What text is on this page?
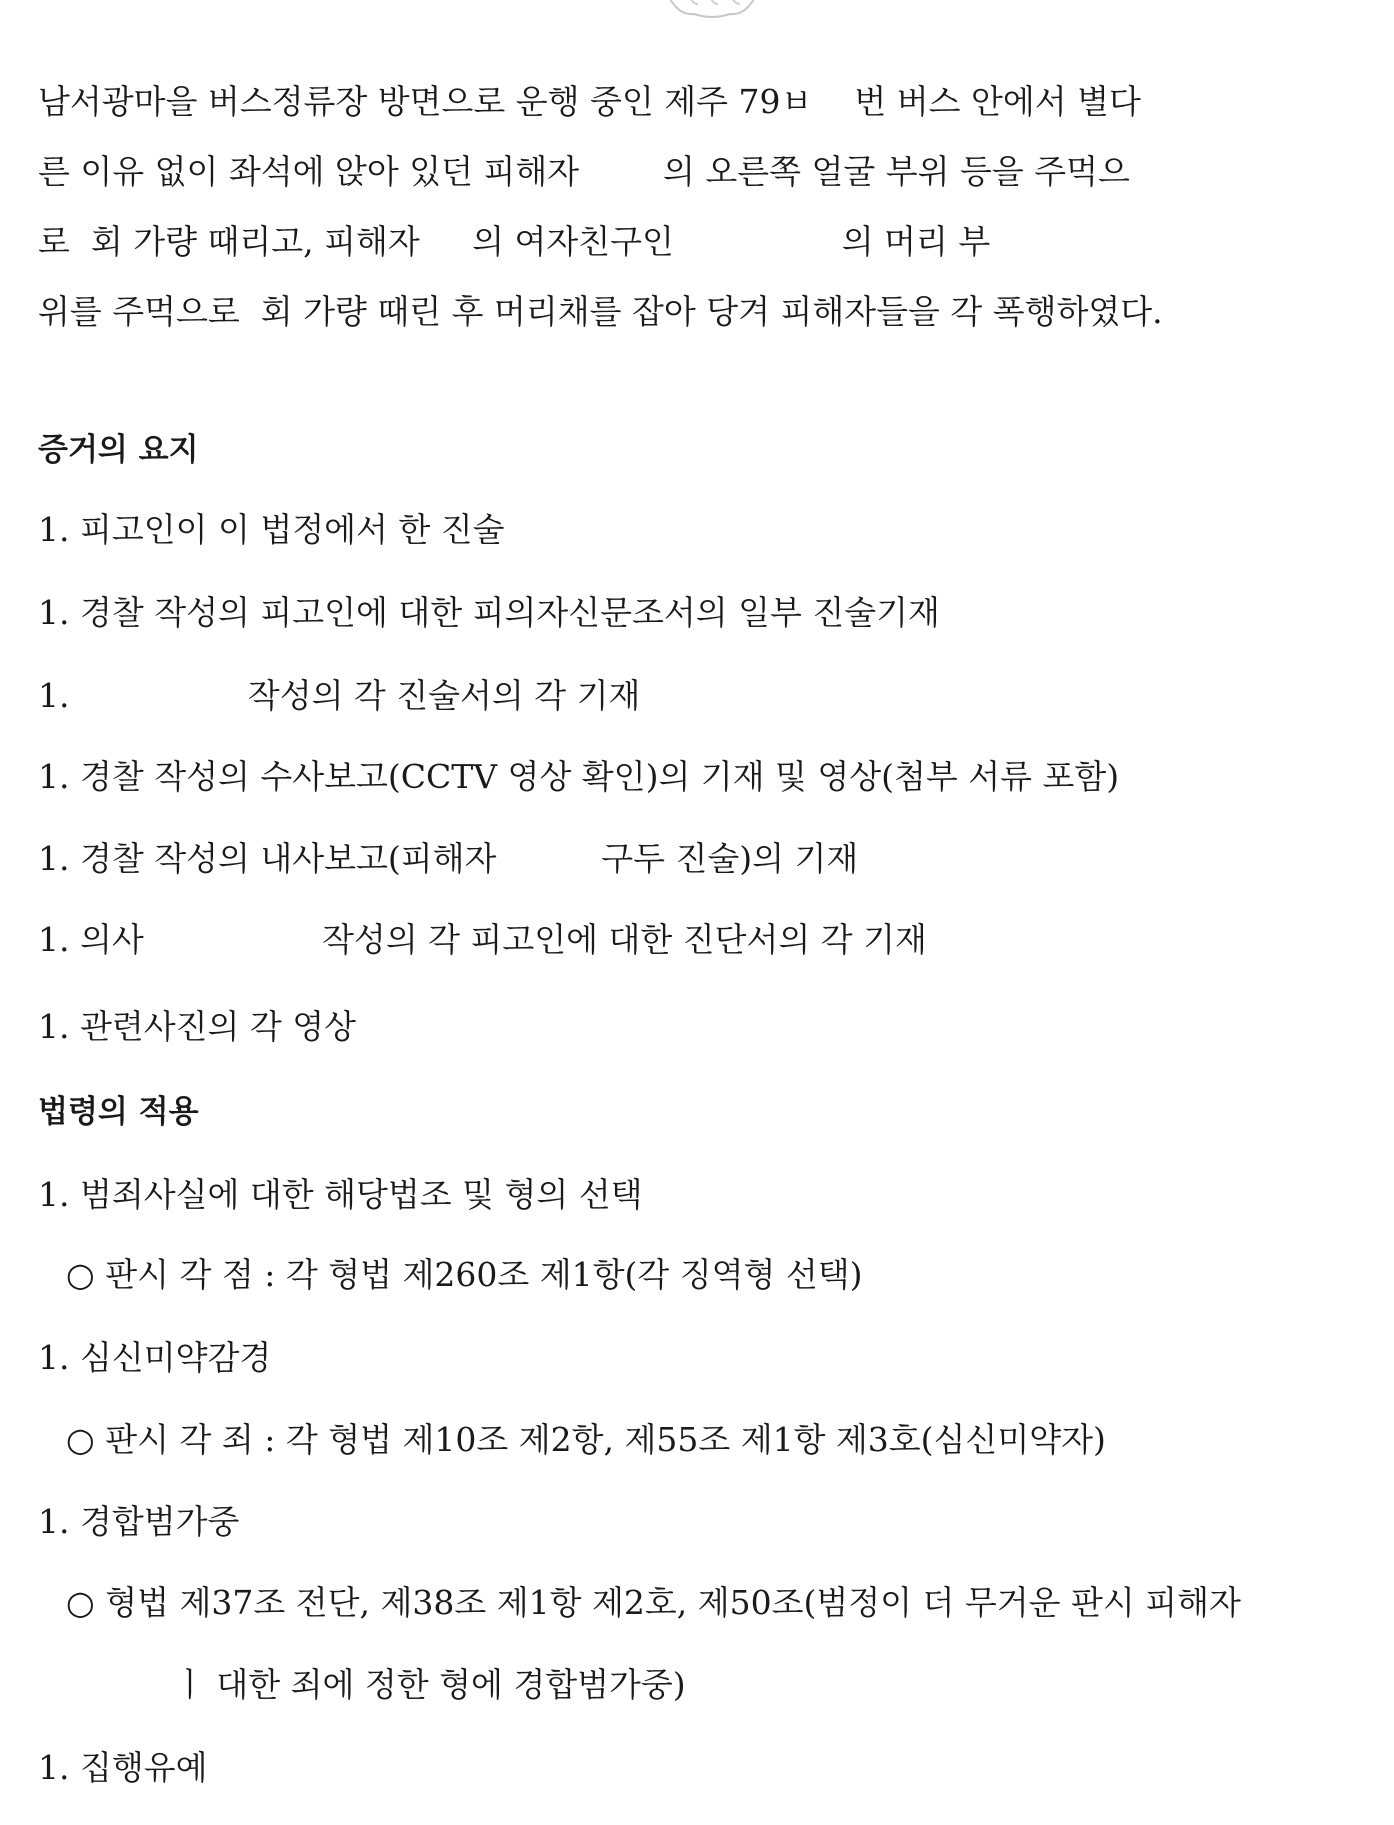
남서광마을 버스정류장 방면으로 운행 중인 제주 79ㅂ    번 버스 안에서 별다
른 이유 없이 좌석에 앉아 있던 피해자        의 오른쪽 얼굴 부위 등을 주먹으
로  회 가량 때리고, 피해자     의 여자친구인                의 머리 부
위를 주먹으로  회 가량 때린 후 머리채를 잡아 당겨 피해자들을 각 폭행하였다.
증거의 요지
1. 피고인이 이 법정에서 한 진술
1. 경찰 작성의 피고인에 대한 피의자신문조서의 일부 진술기재
1.                 작성의 각 진술서의 각 기재
1. 경찰 작성의 수사보고(CCTV 영상 확인)의 기재 및 영상(첨부 서류 포함)
1. 경찰 작성의 내사보고(피해자          구두 진술)의 기재
1. 의사                 작성의 각 피고인에 대한 진단서의 각 기재
1. 관련사진의 각 영상
법령의 적용
1. 범죄사실에 대한 해당법조 및 형의 선택
○ 판시 각 점 : 각 형법 제260조 제1항(각 징역형 선택)
1. 심신미약감경
○ 판시 각 죄 : 각 형법 제10조 제2항, 제55조 제1항 제3호(심신미약자)
1. 경합범가중
○ 형법 제37조 전단, 제38조 제1항 제2호, 제50조(범정이 더 무거운 판시 피해자
ㅣ 대한 죄에 정한 형에 경합범가중)
1. 집행유예
